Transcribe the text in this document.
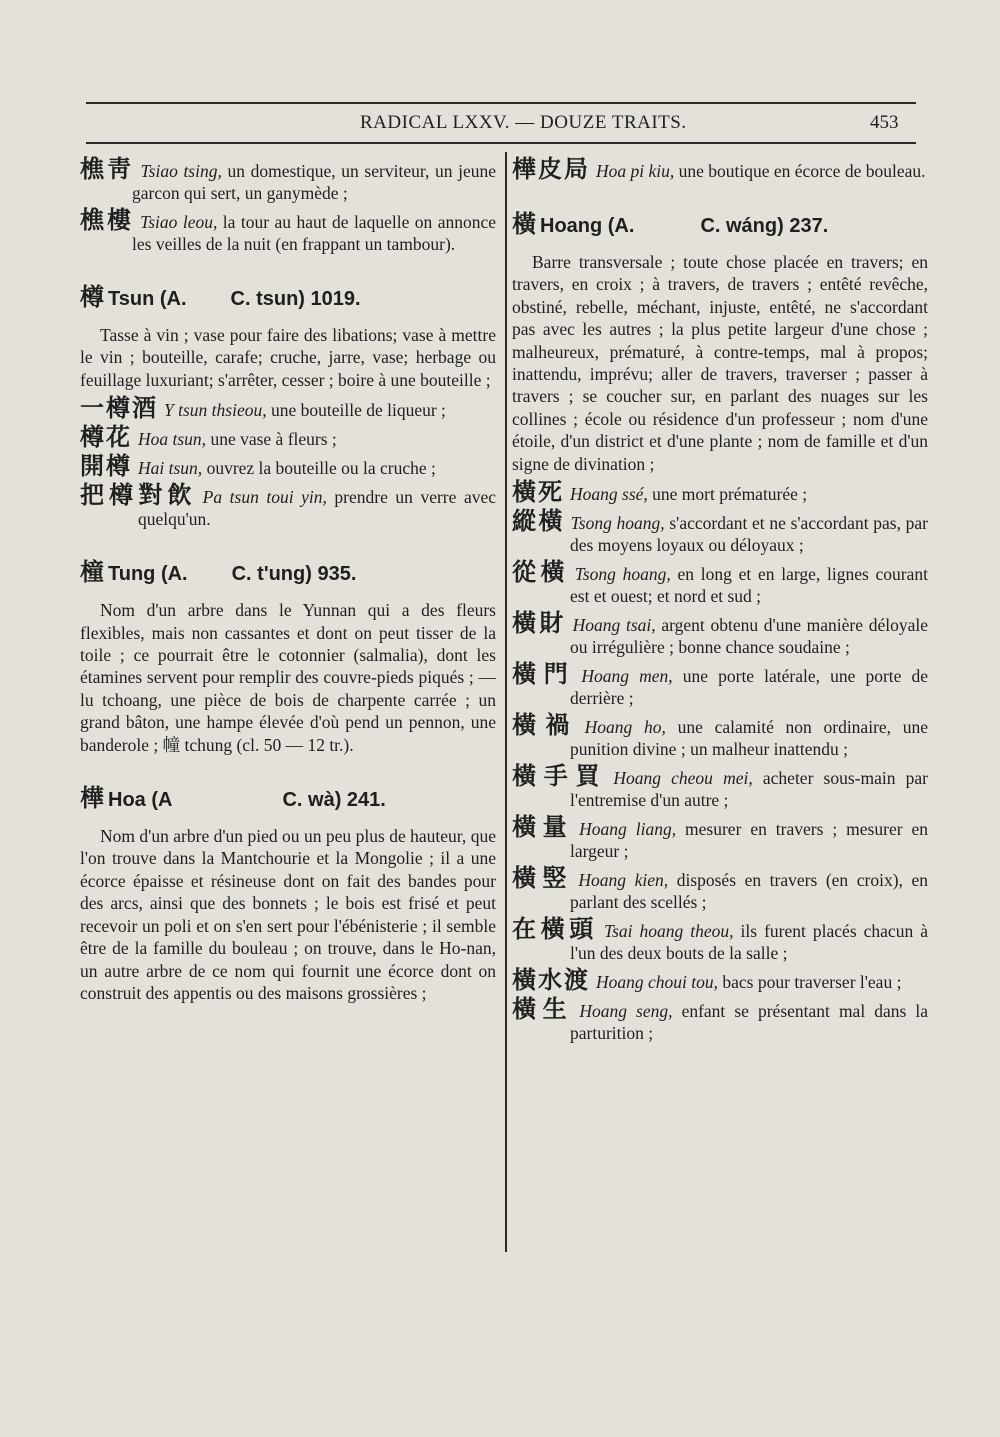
RADICAL LXXV. — DOUZE TRAITS.	453
樵靑 Tsiao tsing, un domestique, un serviteur, un jeune garcon qui sert, un ganymède ;
樵樓 Tsiao leou, la tour au haut de laquelle on annonce les veilles de la nuit (en frappant un tambour).
樽 Tsun (A. C. tsun) 1019.
Tasse à vin ; vase pour faire des libations; vase à mettre le vin ; bouteille, carafe; cruche, jarre, vase; herbage ou feuillage luxuriant; s'arrêter, cesser ; boire à une bouteille ;
一樽酒 Y tsun thsieou, une bouteille de liqueur ;
樽花 Hoa tsun, une vase à fleurs ;
開樽 Hai tsun, ouvrez la bouteille ou la cruche ;
把樽對飲 Pa tsun toui yin, prendre un verre avec quelqu'un.
橦 Tung (A. C. t'ung) 935.
Nom d'un arbre dans le Yunnan qui a des fleurs flexibles, mais non cassantes et dont on peut tisser de la toile ; ce pourrait être le cotonnier (salmalia), dont les étamines servent pour remplir des couvre-pieds piqués ; — lu tchoang, une pièce de bois de charpente carrée ; un grand bâton, une hampe élevée d'où pend un pennon, une banderole ; 幢 tchung (cl. 50 — 12 tr.).
樺 Hoa (A	C. wà) 241.
Nom d'un arbre d'un pied ou un peu plus de hauteur, que l'on trouve dans la Mantchourie et la Mongolie ; il a une écorce épaisse et résineuse dont on fait des bandes pour des arcs, ainsi que des bonnets ; le bois est frisé et peut recevoir un poli et on s'en sert pour l'ébénisterie ; il semble être de la famille du bouleau ; on trouve, dans le Ho-nan, un autre arbre de ce nom qui fournit une écorce dont on construit des appentis ou des maisons grossières ;
樺皮局 Hoa pi kiu, une boutique en écorce de bouleau.
橫 Hoang (A.	C. wáng) 237.
Barre transversale ; toute chose placée en travers; en travers, en croix ; à travers, de travers ; entêté revêche, obstiné, rebelle, méchant, injuste, entêté, ne s'accordant pas avec les autres ; la plus petite largeur d'une chose ; malheureux, prématuré, à contre-temps, mal à propos; inattendu, imprévu; aller de travers, traverser ; passer à travers ; se coucher sur, en parlant des nuages sur les collines ; école ou résidence d'un professeur ; nom d'une étoile, d'un district et d'une plante ; nom de famille et d'un signe de divination ;
橫死 Hoang ssé, une mort prématurée ;
縱橫 Tsong hoang, s'accordant et ne s'accordant pas, par des moyens loyaux ou déloyaux ;
從橫 Tsong hoang, en long et en large, lignes courant est et ouest; et nord et sud ;
橫財 Hoang tsai, argent obtenu d'une manière déloyale ou irrégulière ; bonne chance soudaine ;
橫門 Hoang men, une porte latérale, une porte de derrière ;
橫禍 Hoang ho, une calamité non ordinaire, une punition divine ; un malheur inattendu ;
橫手買 Hoang cheou mei, acheter sous-main par l'entremise d'un autre ;
橫量 Hoang liang, mesurer en travers ; mesurer en largeur ;
橫竪 Hoang kien, disposés en travers (en croix), en parlant des scellés ;
在橫頭 Tsai hoang theou, ils furent placés chacun à l'un des deux bouts de la salle ;
橫水渡 Hoang choui tou, bacs pour traverser l'eau ;
橫生 Hoang seng, enfant se présentant mal dans la parturition ;
